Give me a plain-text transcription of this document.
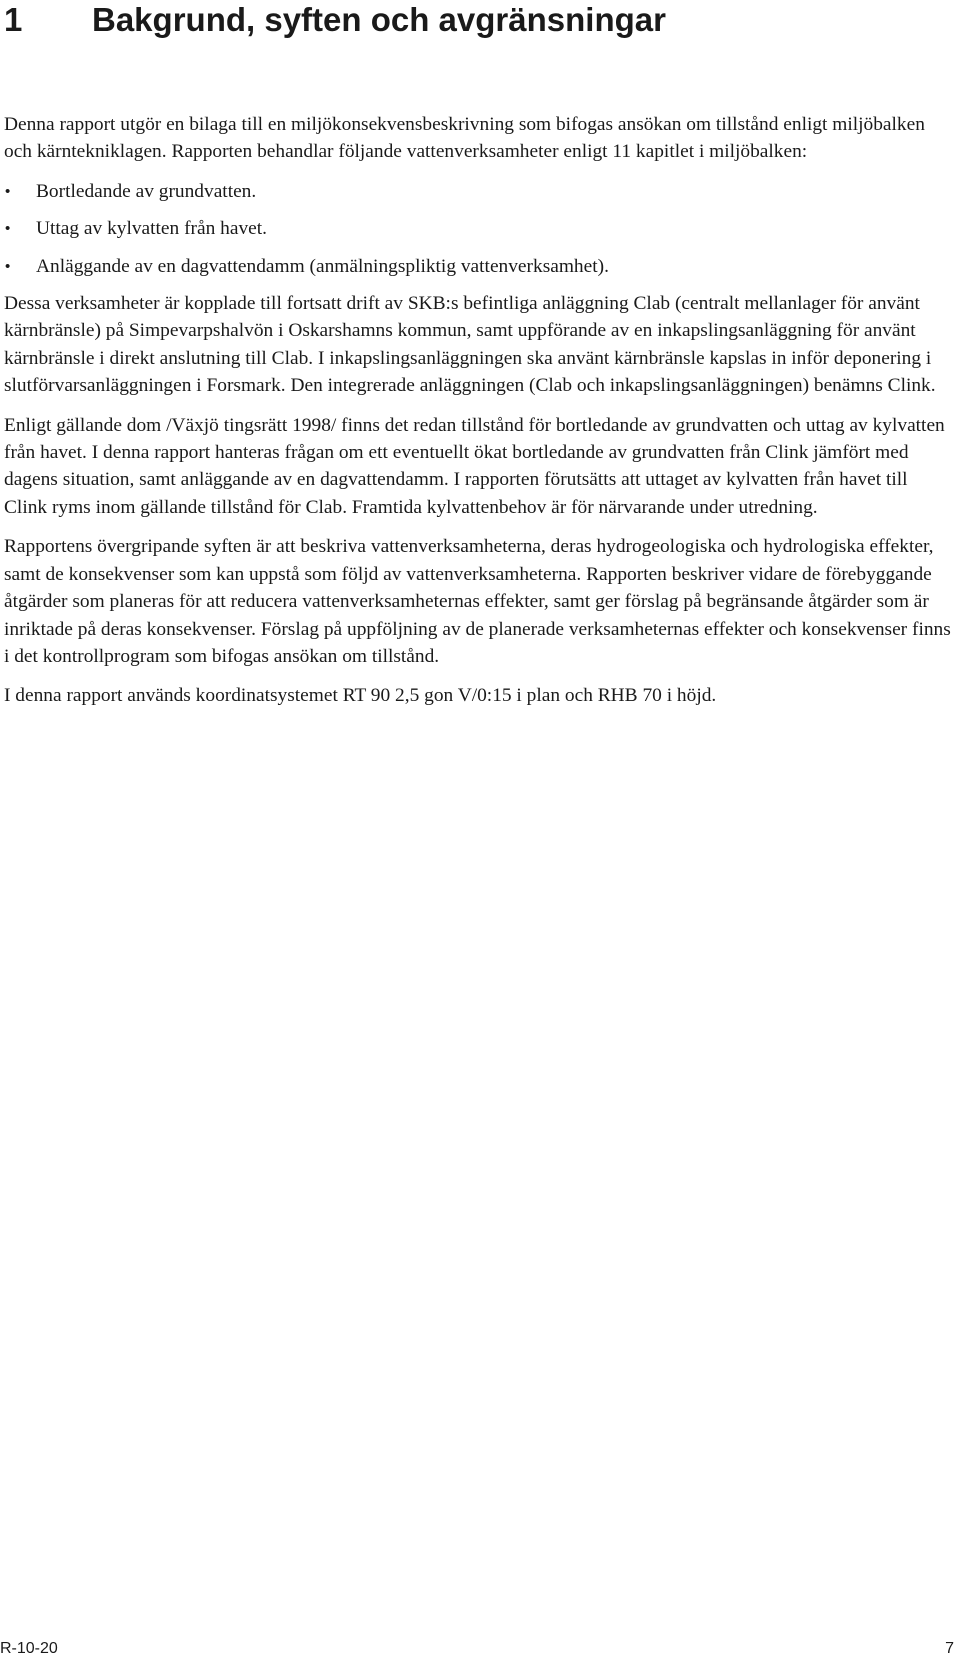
1 Bakgrund, syften och avgränsningar

Denna rapport utgör en bilaga till en miljökonsekvensbeskrivning som bifogas ansökan om tillstånd enligt miljöbalken och kärntekniklagen. Rapporten behandlar följande vattenverksamheter enligt 11 kapitlet i miljöbalken:

•	Bortledande av grundvatten.
•	Uttag av kylvatten från havet.
•	Anläggande av en dagvattendamm (anmälningspliktig vattenverksamhet).

Dessa verksamheter är kopplade till fortsatt drift av SKB:s befintliga anläggning Clab (centralt mellanlager för använt kärnbränsle) på Simpevarpshalvön i Oskarshamns kommun, samt uppförande av en inkapslingsanläggning för använt kärnbränsle i direkt anslutning till Clab. I inkapslingsanläggningen ska använt kärnbränsle kapslas in inför deponering i slutförvarsanläggningen i Forsmark. Den integrerade anläggningen (Clab och inkapslingsanläggningen) benämns Clink.

Enligt gällande dom /Växjö tingsrätt 1998/ finns det redan tillstånd för bortledande av grundvatten och uttag av kylvatten från havet. I denna rapport hanteras frågan om ett eventuellt ökat bortledande av grundvatten från Clink jämfört med dagens situation, samt anläggande av en dagvattendamm. I rapporten förutsätts att uttaget av kylvatten från havet till Clink ryms inom gällande tillstånd för Clab. Framtida kylvattenbehov är för närvarande under utredning.

Rapportens övergripande syften är att beskriva vattenverksamheterna, deras hydrogeologiska och hydrologiska effekter, samt de konsekvenser som kan uppstå som följd av vattenverksamheterna. Rapporten beskriver vidare de förebyggande åtgärder som planeras för att reducera vattenverksamheternas effekter, samt ger förslag på begränsande åtgärder som är inriktade på deras konsekvenser. Förslag på uppföljning av de planerade verksamheternas effekter och konsekvenser finns i det kontrollprogram som bifogas ansökan om tillstånd.

I denna rapport används koordinatsystemet RT 90 2,5 gon V/0:15 i plan och RHB 70 i höjd.

R-10-20	7
